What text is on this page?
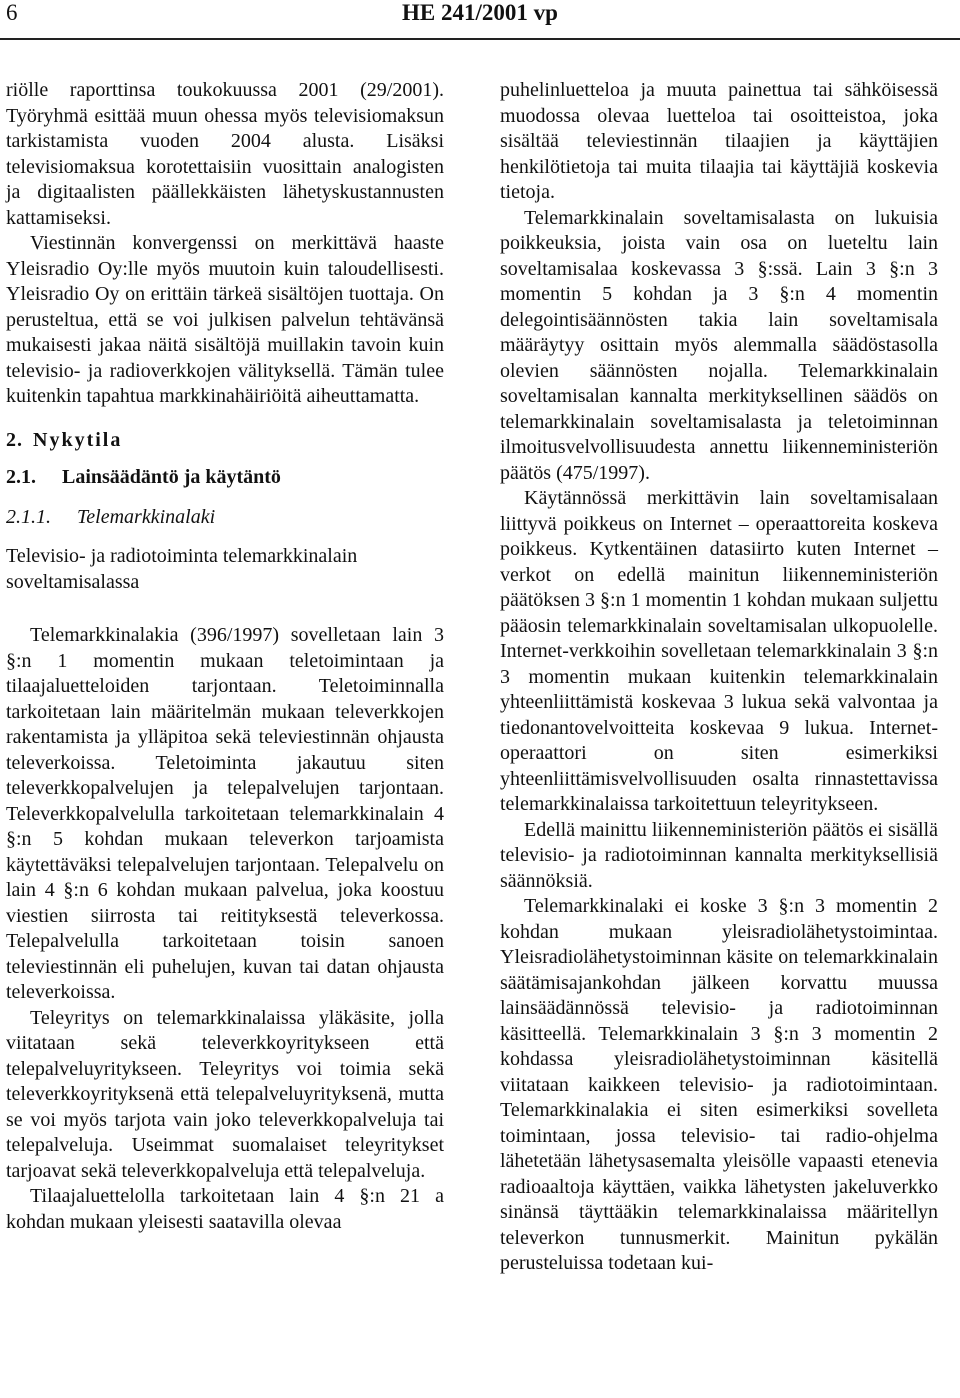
6	HE 241/2001 vp

riölle raporttinsa toukokuussa 2001 (29/2001). Työryhmä esittää muun ohessa myös televisiomaksun tarkistamista vuoden 2004 alusta. Lisäksi televisiomaksua korotettaisiin vuosittain analogisten ja digitaalisten päällekkäisten lähetyskustannusten kattamiseksi.

Viestinnän konvergenssi on merkittävä haaste Yleisradio Oy:lle myös muutoin kuin taloudellisesti. Yleisradio Oy on erittäin tärkeä sisältöjen tuottaja. On perusteltua, että se voi julkisen palvelun tehtävänsä mukaisesti jakaa näitä sisältöjä muillakin tavoin kuin televisio- ja radioverkkojen välityksellä. Tämän tulee kuitenkin tapahtua markkinahäiriöitä aiheuttamatta.

2. Nykytila
2.1. Lainsäädäntö ja käytäntö
2.1.1. Telemarkkinalaki
Televisio- ja radiotoiminta telemarkkinalain soveltamisalassa

Telemarkkinalakia (396/1997) sovelletaan lain 3 §:n 1 momentin mukaan teletoimintaan ja tilaajaluetteloiden tarjontaan. Teletoiminnalla tarkoitetaan lain määritelmän mukaan televerkkojen rakentamista ja ylläpitoa sekä televiestinnän ohjausta televerkoissa. Teletoiminta jakautuu siten televerkkopalvelujen ja telepalvelujen tarjontaan. Televerkkopalvelulla tarkoitetaan telemarkkinalain 4 §:n 5 kohdan mukaan televerkon tarjoamista käytettäväksi telepalvelujen tarjontaan. Telepalvelu on lain 4 §:n 6 kohdan mukaan palvelua, joka koostuu viestien siirrosta tai reitityksestä televerkossa. Telepalvelulla tarkoitetaan toisin sanoen televiestinnän eli puhelujen, kuvan tai datan ohjausta televerkoissa.

Teleyritys on telemarkkinalaissa yläkäsite, jolla viitataan sekä televerkkoyritykseen että telepalveluyritykseen. Teleyritys voi toimia sekä televerkkoyrityksenä että telepalveluyrityksenä, mutta se voi myös tarjota vain joko televerkkopalveluja tai telepalveluja. Useimmat suomalaiset teleyritykset tarjoavat sekä televerkkopalveluja että telepalveluja.

Tilaajaluettelolla tarkoitetaan lain 4 §:n 21 a kohdan mukaan yleisesti saatavilla olevaa

puhelinluetteloa ja muuta painettua tai sähköisessä muodossa olevaa luetteloa tai osoitteistoa, joka sisältää televiestinnän tilaajien ja käyttäjien henkilötietoja tai muita tilaajia tai käyttäjiä koskevia tietoja.

Telemarkkinalain soveltamisalasta on lukuisia poikkeuksia, joista vain osa on lueteltu lain soveltamisalaa koskevassa 3 §:ssä. Lain 3 §:n 3 momentin 5 kohdan ja 3 §:n 4 momentin delegointisäännösten takia lain soveltamisala määräytyy osittain myös alemmalla säädöstasolla olevien säännösten nojalla. Telemarkkinalain soveltamisalan kannalta merkityksellinen säädös on telemarkkinalain soveltamisalasta ja teletoiminnan ilmoitusvelvollisuudesta annettu liikenneministeriön päätös (475/1997).

Käytännössä merkittävin lain soveltamisalaan liittyvä poikkeus on Internet – operaattoreita koskeva poikkeus. Kytkentäinen datasiirto kuten Internet –verkot on edellä mainitun liikenneministeriön päätöksen 3 §:n 1 momentin 1 kohdan mukaan suljettu pääosin telemarkkinalain soveltamisalan ulkopuolelle. Internet-verkkoihin sovelletaan telemarkkinalain 3 §:n 3 momentin mukaan kuitenkin telemarkkinalain yhteenliittämistä koskevaa 3 lukua sekä valvontaa ja tiedonantovelvoitteita koskevaa 9 lukua. Internet-operaattori on siten esimerkiksi yhteenliittämisvelvollisuuden osalta rinnastettavissa telemarkkinalaissa tarkoitettuun teleyritykseen.

Edellä mainittu liikenneministeriön päätös ei sisällä televisio- ja radiotoiminnan kannalta merkityksellisiä säännöksiä.

Telemarkkinalaki ei koske 3 §:n 3 momentin 2 kohdan mukaan yleisradiolähetystoimintaa. Yleisradiolähetystoiminnan käsite on telemarkkinalain säätämisajankohdan jälkeen korvattu muussa lainsäädännössä televisio- ja radiotoiminnan käsitteellä. Telemarkkinalain 3 §:n 3 momentin 2 kohdassa yleisradiolähetystoiminnan käsitellä viitataan kaikkeen televisio- ja radiotoimintaan. Telemarkkinalakia ei siten esimerkiksi sovelleta toimintaan, jossa televisio- tai radio-ohjelma lähetetään lähetysasemalta yleisölle vapaasti etenevia radioaaltoja käyttäen, vaikka lähetysten jakeluverkko sinänsä täyttääkin telemarkkinalaissa määritellyn televerkon tunnusmerkit. Mainitun pykälän perusteluissa todetaan kui-
